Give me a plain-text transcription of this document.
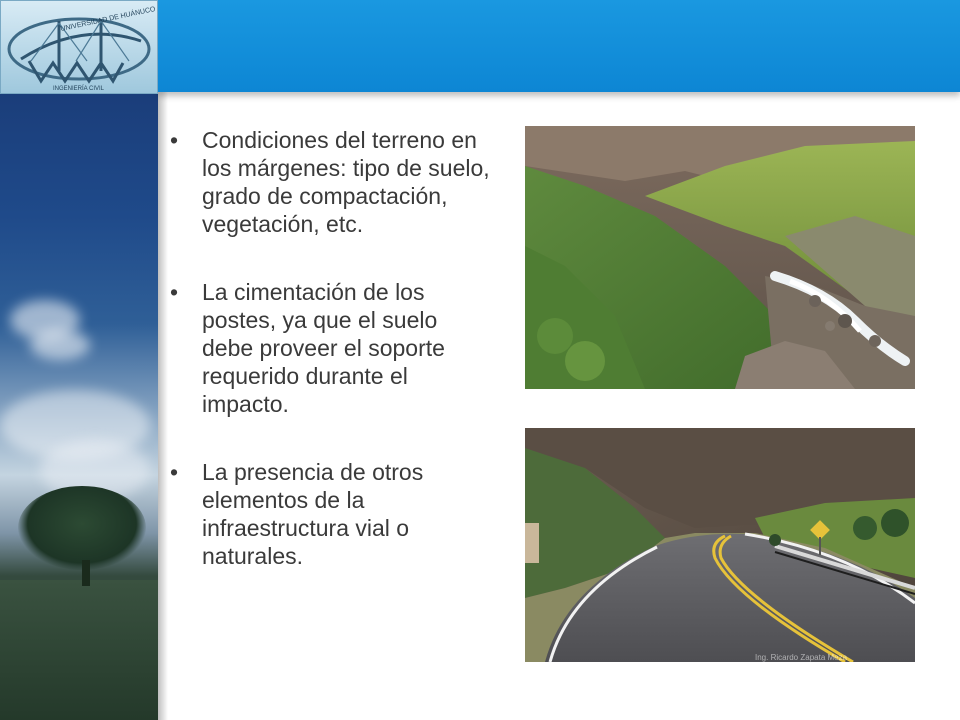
UNIVERSIDAD DE HUÁNUCO
INGENIERÍA CIVIL
• Condiciones del terreno en los márgenes: tipo de suelo, grado de compactación, vegetación, etc.
• La cimentación de los postes, ya que el suelo debe proveer el soporte requerido durante el impacto.
• La presencia de otros elementos de la infraestructura vial o naturales.
Ing. Ricardo Zapata Meza
